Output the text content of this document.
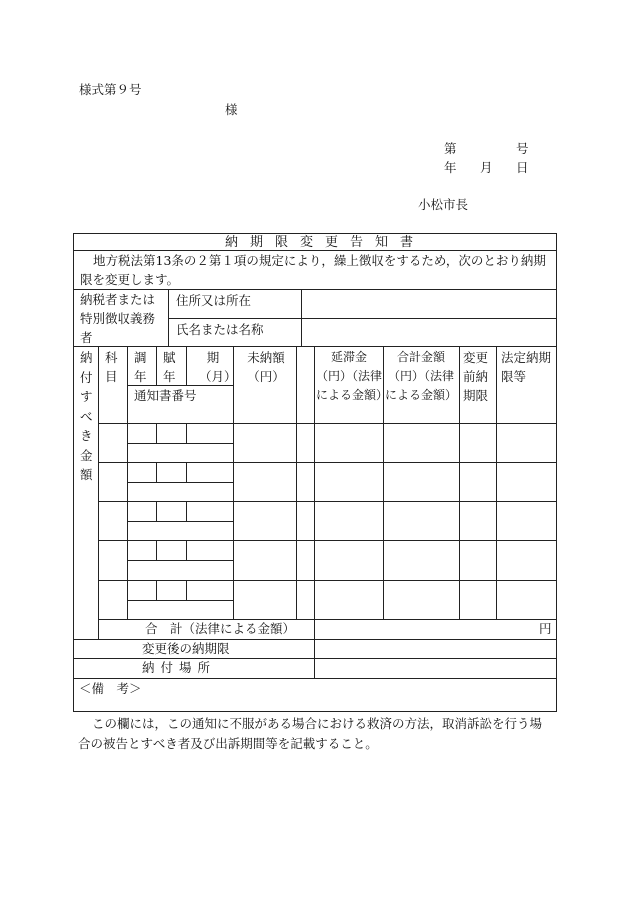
様式第９号
様
第	号
年 月 日
小松市長
納期限変更告知書
地方税法第13条の２第１項の規定により，繰上徴収をするため，次のとおり納期限を変更します。
納税者または特別徴収義務者
住所又は所在
氏名または名称
納付すべき金額
科目
調年
賦年
期（月）
未納額（円）
延滞金（円）（法律による金額）
合計金額（円）（法律による金額）
変更前納期限
法定納期限等
通知書番号
合　計（法律による金額）	円
変更後の納期限
納付場所
＜備　考＞
この欄には，この通知に不服がある場合における救済の方法，取消訴訟を行う場合の被告とすべき者及び出訴期間等を記載すること。
